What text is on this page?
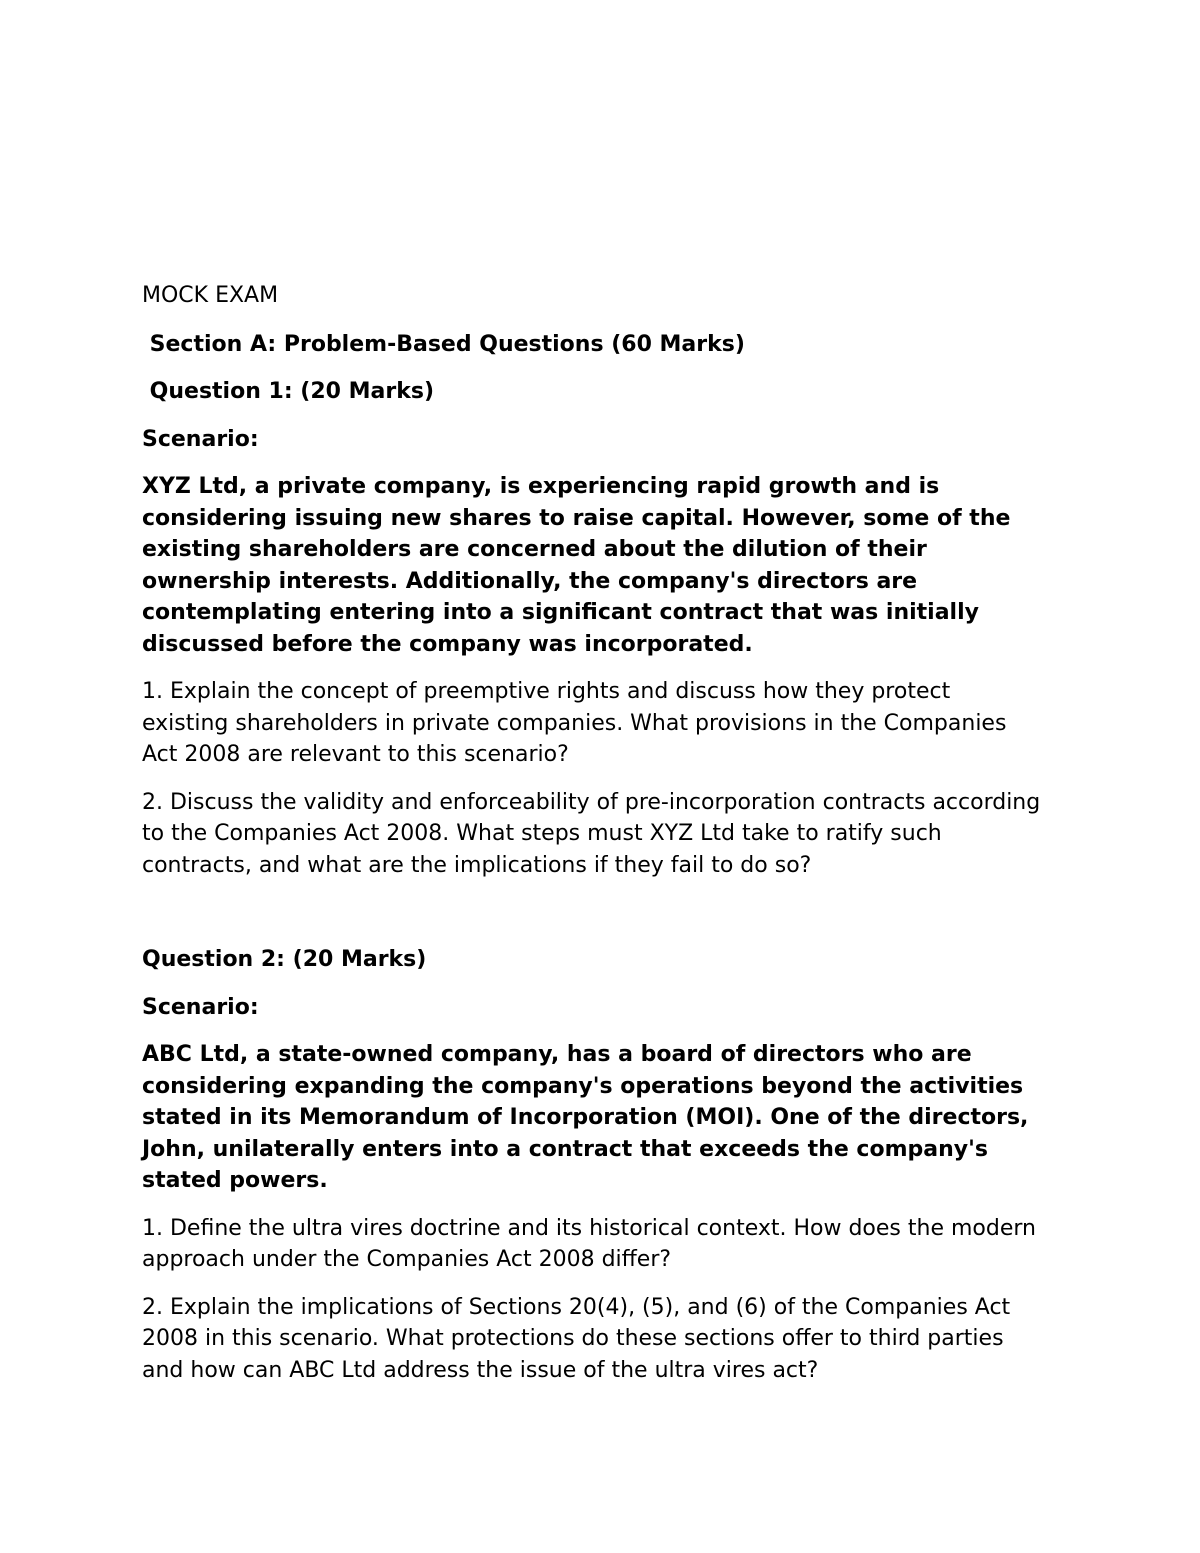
MOCK EXAM

Section A: Problem-Based Questions (60 Marks)

Question 1: (20 Marks)

Scenario:

XYZ Ltd, a private company, is experiencing rapid growth and is considering issuing new shares to raise capital. However, some of the existing shareholders are concerned about the dilution of their ownership interests. Additionally, the company's directors are contemplating entering into a significant contract that was initially discussed before the company was incorporated.

1. Explain the concept of preemptive rights and discuss how they protect existing shareholders in private companies. What provisions in the Companies Act 2008 are relevant to this scenario?

2. Discuss the validity and enforceability of pre-incorporation contracts according to the Companies Act 2008. What steps must XYZ Ltd take to ratify such contracts, and what are the implications if they fail to do so?

Question 2: (20 Marks)

Scenario:

ABC Ltd, a state-owned company, has a board of directors who are considering expanding the company's operations beyond the activities stated in its Memorandum of Incorporation (MOI). One of the directors, John, unilaterally enters into a contract that exceeds the company's stated powers.

1. Define the ultra vires doctrine and its historical context. How does the modern approach under the Companies Act 2008 differ?

2. Explain the implications of Sections 20(4), (5), and (6) of the Companies Act 2008 in this scenario. What protections do these sections offer to third parties and how can ABC Ltd address the issue of the ultra vires act?
